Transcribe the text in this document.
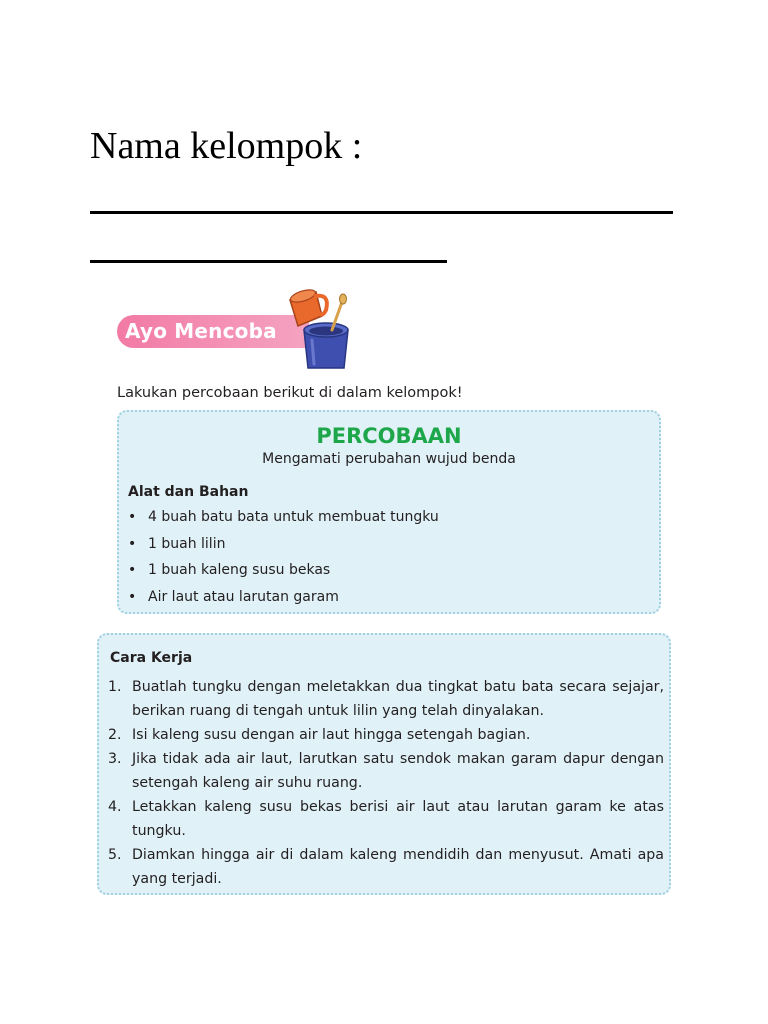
Nama kelompok :
Ayo Mencoba
Lakukan percobaan berikut di dalam kelompok!
PERCOBAAN
Mengamati perubahan wujud benda
Alat dan Bahan
• 4 buah batu bata untuk membuat tungku
• 1 buah lilin
• 1 buah kaleng susu bekas
• Air laut atau larutan garam
Cara Kerja
1. Buatlah tungku dengan meletakkan dua tingkat batu bata secara sejajar, berikan ruang di tengah untuk lilin yang telah dinyalakan.
2. Isi kaleng susu dengan air laut hingga setengah bagian.
3. Jika tidak ada air laut, larutkan satu sendok makan garam dapur dengan setengah kaleng air suhu ruang.
4. Letakkan kaleng susu bekas berisi air laut atau larutan garam ke atas tungku.
5. Diamkan hingga air di dalam kaleng mendidih dan menyusut. Amati apa yang terjadi.
